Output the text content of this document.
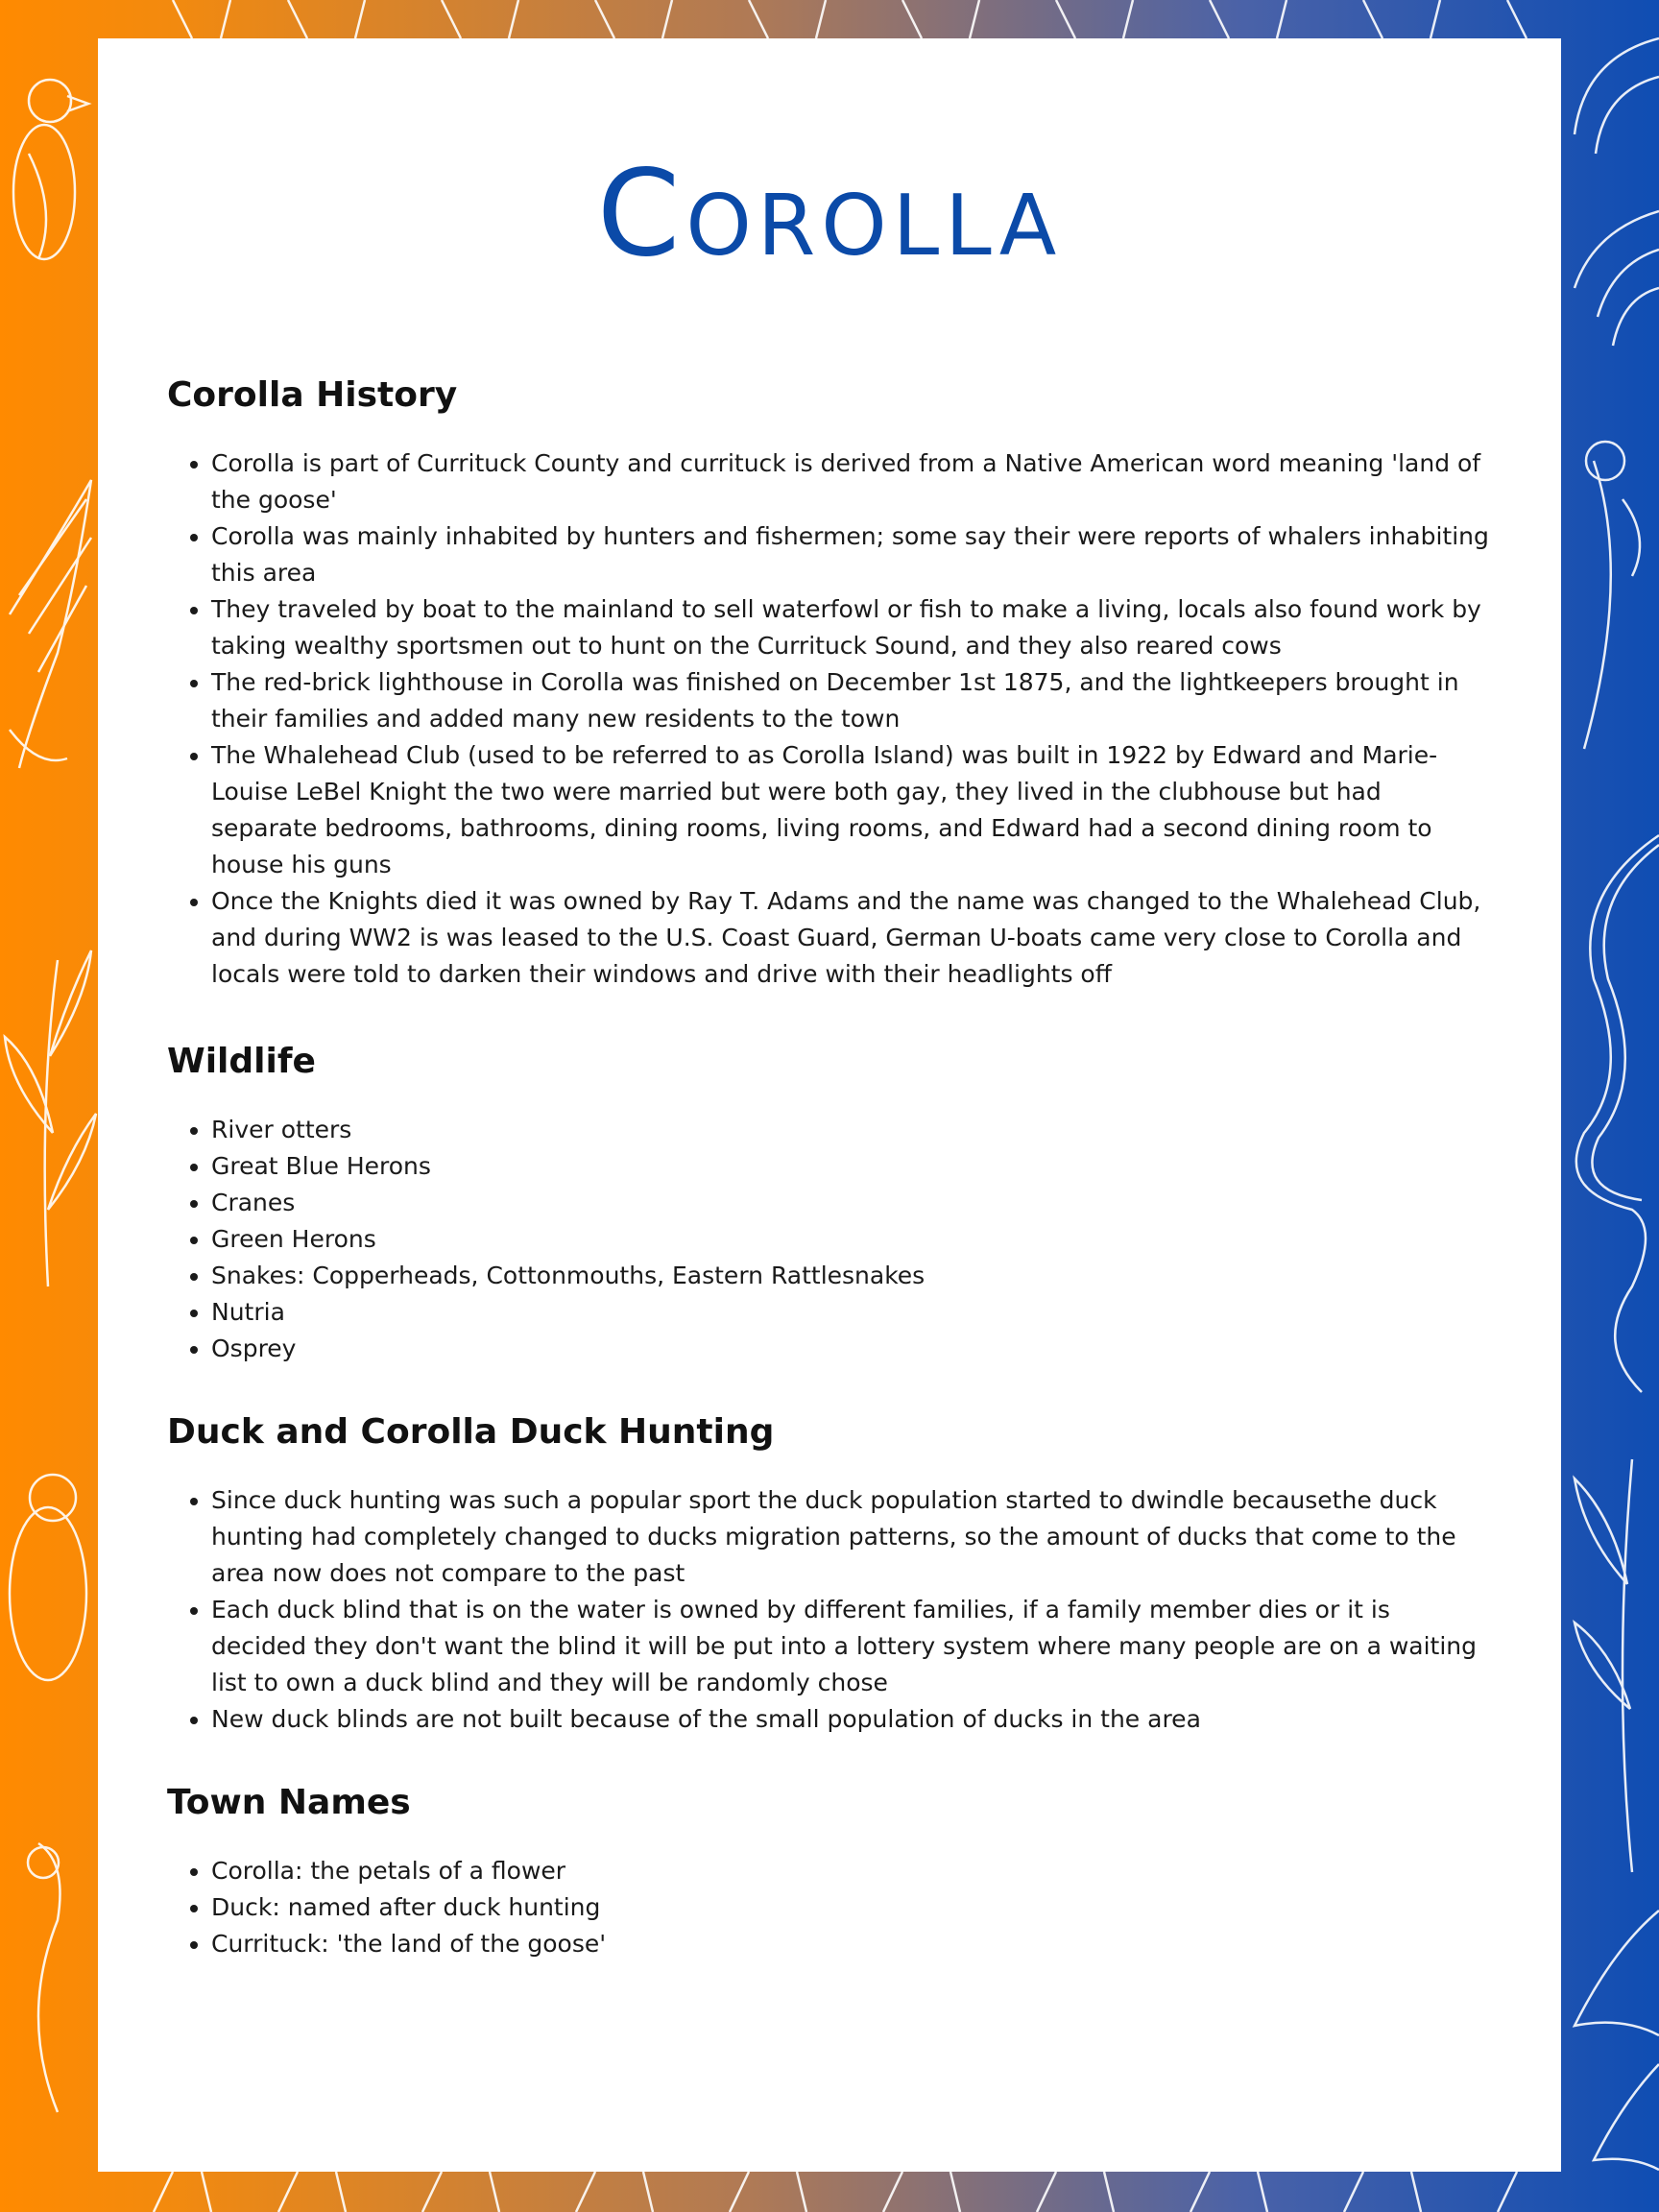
Corolla
Corolla History
• Corolla is part of Currituck County and currituck is derived from a Native American word meaning 'land of the goose'
• Corolla was mainly inhabited by hunters and fishermen; some say their were reports of whalers inhabiting this area
• They traveled by boat to the mainland to sell waterfowl or fish to make a living, locals also found work by taking wealthy sportsmen out to hunt on the Currituck Sound, and they also reared cows
• The red-brick lighthouse in Corolla was finished on December 1st 1875, and the lightkeepers brought in their families and added many new residents to the town
• The Whalehead Club (used to be referred to as Corolla Island) was built in 1922 by Edward and Marie-Louise LeBel Knight the two were married but were both gay, they lived in the clubhouse but had separate bedrooms, bathrooms, dining rooms, living rooms, and Edward had a second dining room to house his guns
• Once the Knights died it was owned by Ray T. Adams and the name was changed to the Whalehead Club, and during WW2 is was leased to the U.S. Coast Guard, German U-boats came very close to Corolla and locals were told to darken their windows and drive with their headlights off
Wildlife
• River otters
• Great Blue Herons
• Cranes
• Green Herons
• Snakes: Copperheads, Cottonmouths, Eastern Rattlesnakes
• Nutria
• Osprey
Duck and Corolla Duck Hunting
• Since duck hunting was such a popular sport the duck population started to dwindle becausethe duck hunting had completely changed to ducks migration patterns, so the amount of ducks that come to the area now does not compare to the past
• Each duck blind that is on the water is owned by different families, if a family member dies or it is decided they don't want the blind it will be put into a lottery system where many people are on a waiting list to own a duck blind and they will be randomly chose
• New duck blinds are not built because of the small population of ducks in the area
Town Names
• Corolla: the petals of a flower
• Duck: named after duck hunting
• Currituck: 'the land of the goose'
